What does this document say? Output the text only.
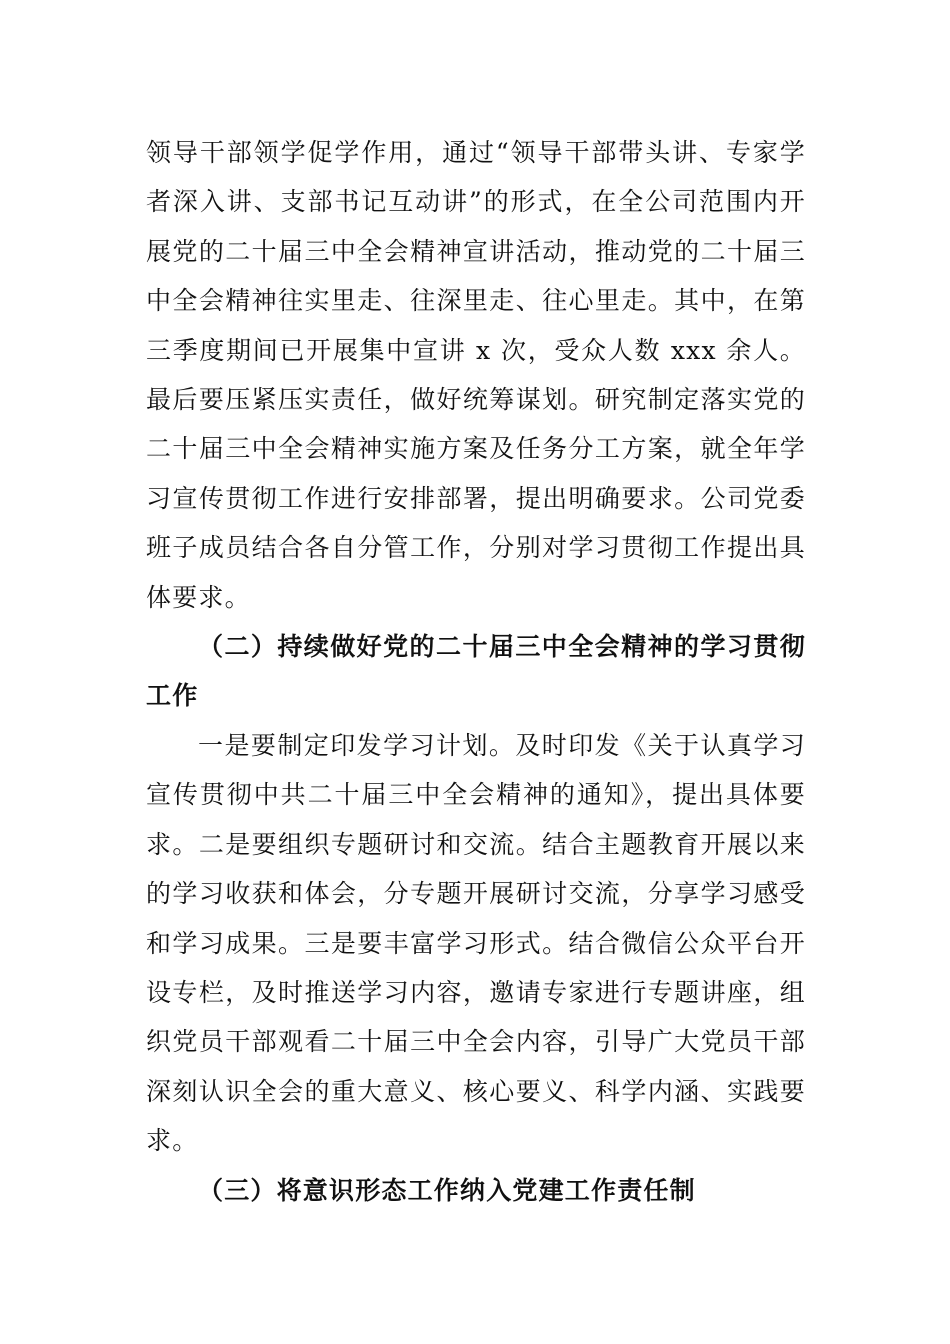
领导干部领学促学作用，通过“领导干部带头讲、专家学者深入讲、支部书记互动讲”的形式，在全公司范围内开展党的二十届三中全会精神宣讲活动，推动党的二十届三中全会精神往实里走、往深里走、往心里走。其中，在第三季度期间已开展集中宣讲 x 次，受众人数 xxx 余人。最后要压紧压实责任，做好统筹谋划。研究制定落实党的二十届三中全会精神实施方案及任务分工方案，就全年学习宣传贯彻工作进行安排部署，提出明确要求。公司党委班子成员结合各自分管工作，分别对学习贯彻工作提出具体要求。

（二）持续做好党的二十届三中全会精神的学习贯彻工作

一是要制定印发学习计划。及时印发《关于认真学习宣传贯彻中共二十届三中全会精神的通知》，提出具体要求。二是要组织专题研讨和交流。结合主题教育开展以来的学习收获和体会，分专题开展研讨交流，分享学习感受和学习成果。三是要丰富学习形式。结合微信公众平台开设专栏，及时推送学习内容，邀请专家进行专题讲座，组织党员干部观看二十届三中全会内容，引导广大党员干部深刻认识全会的重大意义、核心要义、科学内涵、实践要求。

（三）将意识形态工作纳入党建工作责任制
